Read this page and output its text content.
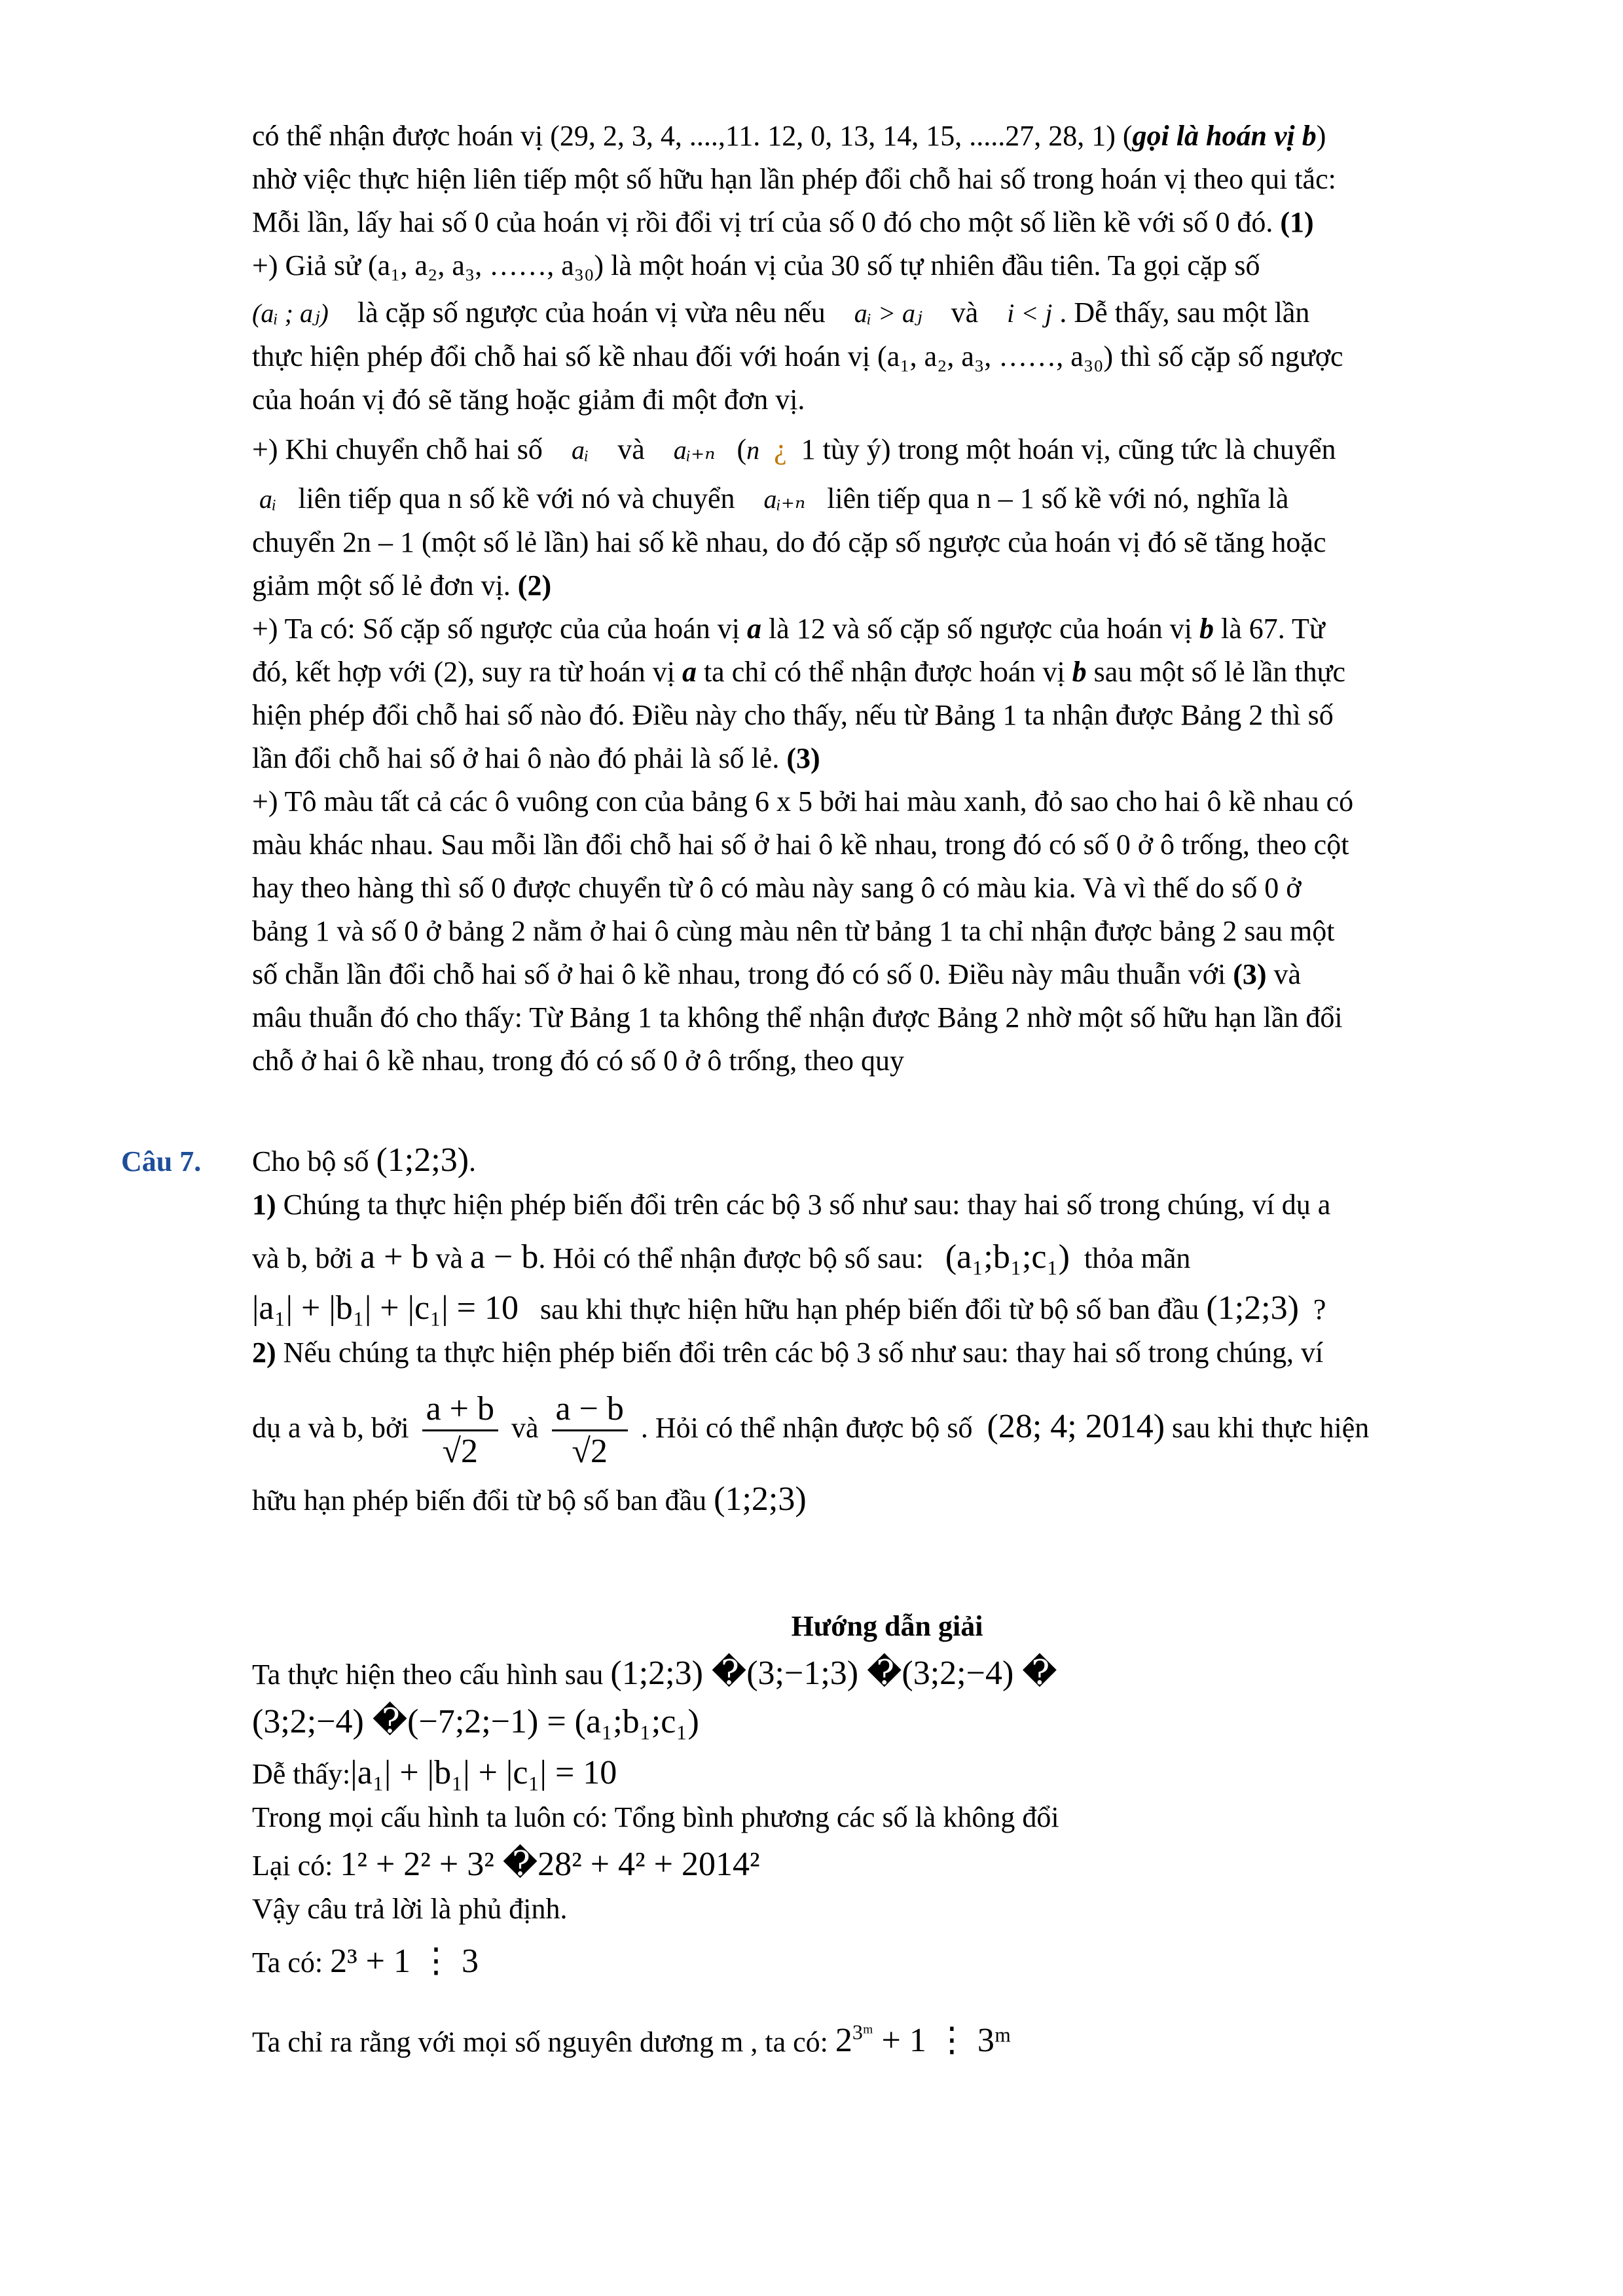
có thể nhận được hoán vị (29, 2, 3, 4, ....,11. 12, 0, 13, 14, 15, .....27, 28, 1) (gọi là hoán vị b)

nhờ việc thực hiện liên tiếp một số hữu hạn lần phép đổi chỗ hai số trong hoán vị theo qui tắc:

Mỗi lần, lấy hai số 0 của hoán vị rồi đổi vị trí của số 0 đó cho một số liền kề với số 0 đó. (1)

+) Giả sử (a₁, a₂, a₃, ……, a₃₀) là một hoán vị của 30 số tự nhiên đầu tiên. Ta gọi cặp số

(aᵢ ; aⱼ) là cặp số ngược của hoán vị vừa nêu nếu aᵢ > aⱼ và i < j . Dễ thấy, sau một lần

thực hiện phép đổi chỗ hai số kề nhau đối với hoán vị (a₁, a₂, a₃, ……, a₃₀) thì số cặp số ngược

của hoán vị đó sẽ tăng hoặc giảm đi một đơn vị.

+) Khi chuyển chỗ hai số aᵢ và aᵢ₊ₙ (n ¿ 1 tùy ý) trong một hoán vị, cũng tức là chuyển

aᵢ liên tiếp qua n số kề với nó và chuyển aᵢ₊ₙ liên tiếp qua n – 1 số kề với nó, nghĩa là

chuyển 2n – 1 (một số lẻ lần) hai số kề nhau, do đó cặp số ngược của hoán vị đó sẽ tăng hoặc

giảm một số lẻ đơn vị. (2)

+) Ta có: Số cặp số ngược của của hoán vị a là 12 và số cặp số ngược của hoán vị b là 67. Từ

đó, kết hợp với (2), suy ra từ hoán vị a ta chỉ có thể nhận được hoán vị b sau một số lẻ lần thực

hiện phép đổi chỗ hai số nào đó. Điều này cho thấy, nếu từ Bảng 1 ta nhận được Bảng 2 thì số

lần đổi chỗ hai số ở hai ô nào đó phải là số lẻ. (3)

+) Tô màu tất cả các ô vuông con của bảng 6 x 5 bởi hai màu xanh, đỏ sao cho hai ô kề nhau có

màu khác nhau. Sau mỗi lần đổi chỗ hai số ở hai ô kề nhau, trong đó có số 0 ở ô trống, theo cột

hay theo hàng thì số 0 được chuyển từ ô có màu này sang ô có màu kia. Và vì thế do số 0 ở

bảng 1 và số 0 ở bảng 2 nằm ở hai ô cùng màu nên từ bảng 1 ta chỉ nhận được bảng 2 sau một

số chẵn lần đổi chỗ hai số ở hai ô kề nhau, trong đó có số 0. Điều này mâu thuẫn với (3) và

mâu thuẫn đó cho thấy: Từ Bảng 1 ta không thể nhận được Bảng 2 nhờ một số hữu hạn lần đổi

chỗ ở hai ô kề nhau, trong đó có số 0 ở ô trống, theo quy

Câu 7. Cho bộ số (1;2;3).

1) Chúng ta thực hiện phép biến đổi trên các bộ 3 số như sau: thay hai số trong chúng, ví dụ a

và b, bởi a + b và a − b. Hỏi có thể nhận được bộ số sau: (a₁;b₁;c₁) thỏa mãn

|a₁| + |b₁| + |c₁| = 10 sau khi thực hiện hữu hạn phép biến đổi từ bộ số ban đầu (1;2;3) ?

2) Nếu chúng ta thực hiện phép biến đổi trên các bộ 3 số như sau: thay hai số trong chúng, ví

dụ a và b, bởi $\frac{a + b}{√2}$ và $\frac{a - b}{√2}$ . Hỏi có thể nhận được bộ số (28; 4; 2014) sau khi thực hiện

hữu hạn phép biến đổi từ bộ số ban đầu (1;2;3)

Hướng dẫn giải

Ta thực hiện theo cấu hình sau (1;2;3) �(3;−1;3) �(3;2;−4) �

(3;2;−4) �(−7;2;−1) = (a₁;b₁;c₁)

Dễ thấy:|a₁| + |b₁| + |c₁| = 10

Trong mọi cấu hình ta luôn có: Tổng bình phương các số là không đổi

Lại có: 1² + 2² + 3² �28² + 4² + 2014²

Vậy câu trả lời là phủ định.

Ta có: 2³ + 1 ⋮ 3

Ta chỉ ra rằng với mọi số nguyên dương m , ta có: $2^{3ᵐ} + 1$ ⋮ 3ᵐ
